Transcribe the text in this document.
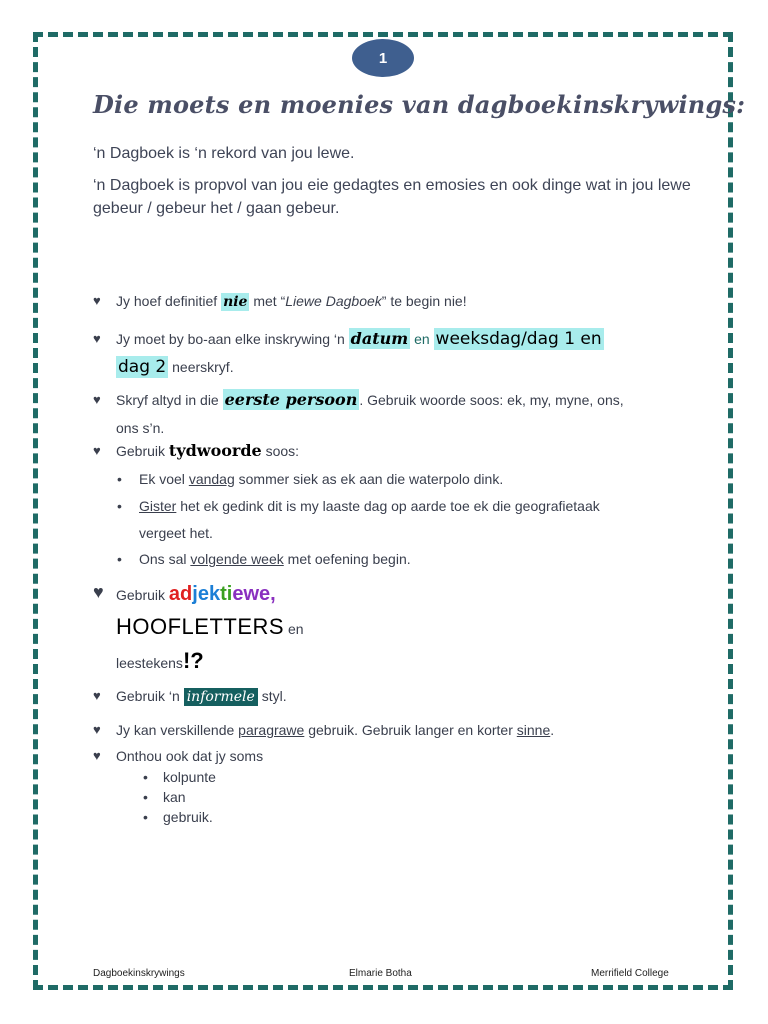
1
Die moets en moenies van dagboekinskrywings:
‘n Dagboek is ‘n rekord van jou lewe.
‘n Dagboek is propvol van jou eie gedagtes en emosies en ook dinge wat in jou lewe gebeur / gebeur het / gaan gebeur.
♥ Jy hoef definitief nie met “Liewe Dagboek” te begin nie!
♥ Jy moet by bo-aan elke inskrywing ‘n datum en weeksdag/dag 1 en
dag 2 neerskryf.
♥ Skryf altyd in die eerste persoon . Gebruik woorde soos: ek, my, myne, ons,
ons s’n.
♥ Gebruik tydwoorde soos:
• Ek voel vandag sommer siek as ek aan die waterpolo dink.
• Gister het ek gedink dit is my laaste dag op aarde toe ek die geografietaak
vergeet het.
• Ons sal volgende week met oefening begin.
♥ Gebruik adjektiewe,
HOOFLETTERS en
leestekens!?
♥ Gebruik ‘n informele styl.
♥ Jy kan verskillende paragrawe gebruik. Gebruik langer en korter sinne.
♥ Onthou ook dat jy soms
• kolpunte
• kan
• gebruik.
Dagboekinskrywings	Elmarie Botha	Merrifield College
